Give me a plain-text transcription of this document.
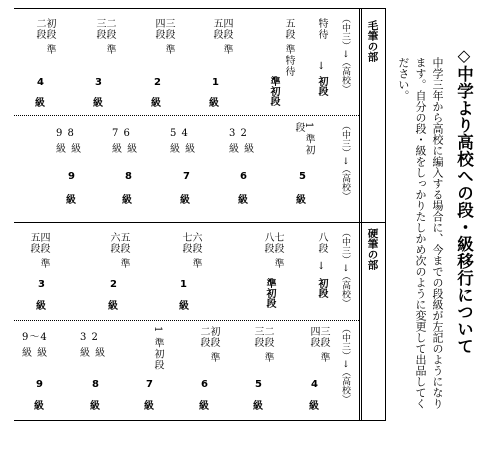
◇中学より高校への段・級移行について
中学三年から高校に編入する場合に、今までの段級が左記のようになります。自分の段・級をしっかりたしかめ次のように変更して出品してください。
毛筆の部
硬筆の部
（中三）→（高校）
（中三）→（高校）
（中三）→（高校）
（中三）→（高校）
特待
↓
初段
五段 準特待
準初段
四段 準五段
1
級
三段 準四段
2
級
二段 準三段
3
級
初段 準二段
4
級
1 準初段
5
級
3 2 級 級
6
級
5 4 級 級
7
級
7 6 級 級
8
級
9 8 級 級
9
級
八段
↓
初段
七段 準八段
準初段
六段 準七段
1
級
五段 準六段
2
級
四段 準五段
3
級
三段 準四段
4
級
二段 準三段
5
級
初段 準二段
6
級
1 準初段
7
級
3 2 級 級
8
級
9〜4 級 級
9
級
